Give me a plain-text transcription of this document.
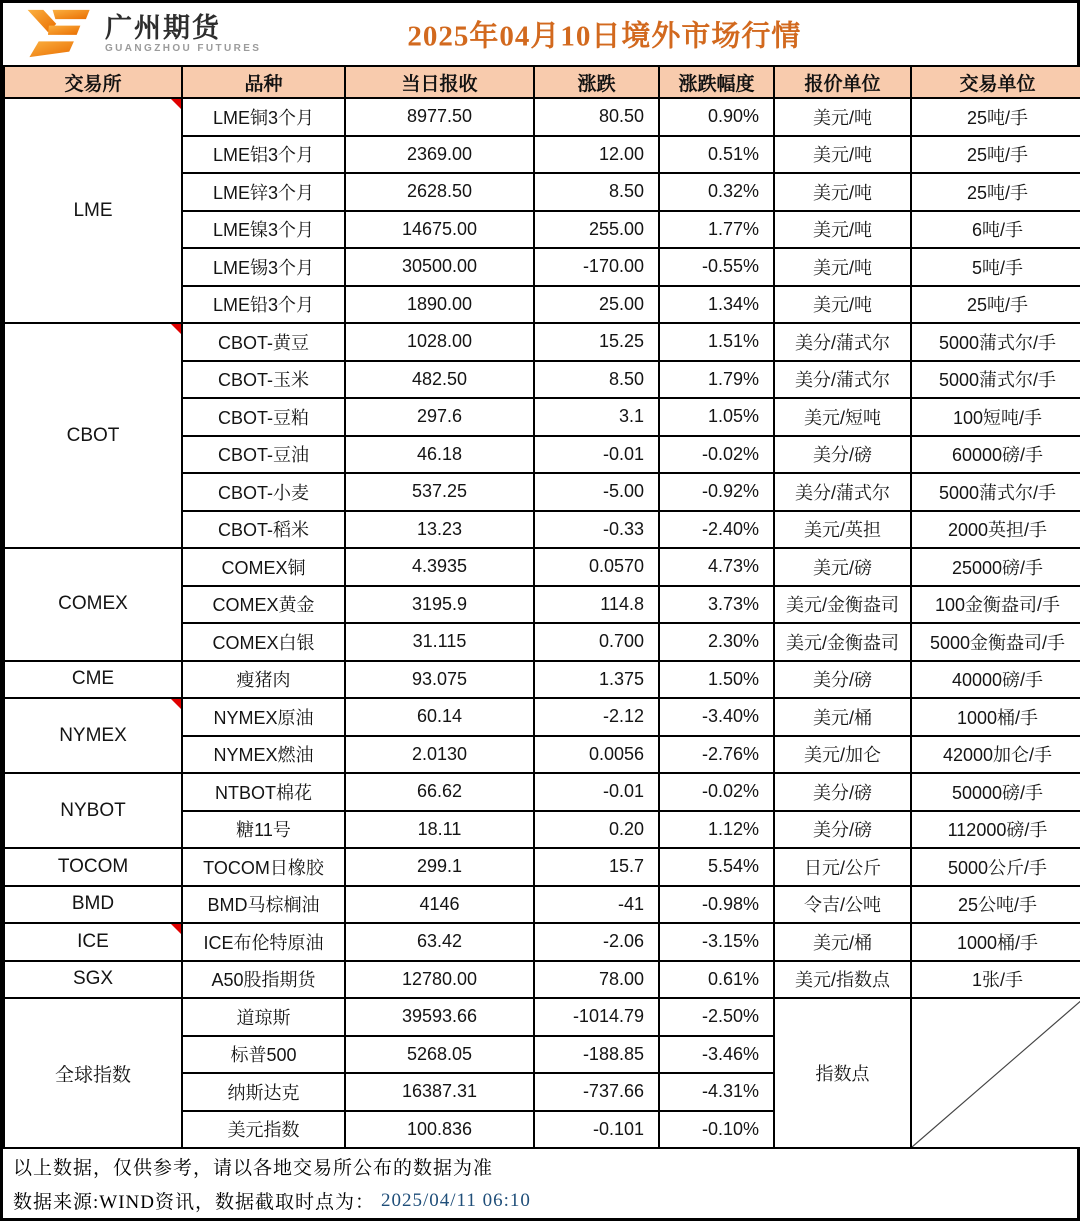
广州期货
GUANGZHOU FUTURES	2025年04月10日境外市场行情
交易所	品种	当日报收	涨跌	涨跌幅度	报价单位	交易单位
LME	LME铜3个月	8977.50	80.50	0.90%	美元/吨	25吨/手
	LME铝3个月	2369.00	12.00	0.51%	美元/吨	25吨/手
	LME锌3个月	2628.50	8.50	0.32%	美元/吨	25吨/手
	LME镍3个月	14675.00	255.00	1.77%	美元/吨	6吨/手
	LME锡3个月	30500.00	-170.00	-0.55%	美元/吨	5吨/手
	LME铅3个月	1890.00	25.00	1.34%	美元/吨	25吨/手
CBOT	CBOT-黄豆	1028.00	15.25	1.51%	美分/蒲式尔	5000蒲式尔/手
	CBOT-玉米	482.50	8.50	1.79%	美分/蒲式尔	5000蒲式尔/手
	CBOT-豆粕	297.6	3.1	1.05%	美元/短吨	100短吨/手
	CBOT-豆油	46.18	-0.01	-0.02%	美分/磅	60000磅/手
	CBOT-小麦	537.25	-5.00	-0.92%	美分/蒲式尔	5000蒲式尔/手
	CBOT-稻米	13.23	-0.33	-2.40%	美元/英担	2000英担/手
COMEX	COMEX铜	4.3935	0.0570	4.73%	美元/磅	25000磅/手
	COMEX黄金	3195.9	114.8	3.73%	美元/金衡盎司	100金衡盎司/手
	COMEX白银	31.115	0.700	2.30%	美元/金衡盎司	5000金衡盎司/手
CME	瘦猪肉	93.075	1.375	1.50%	美分/磅	40000磅/手
NYMEX	NYMEX原油	60.14	-2.12	-3.40%	美元/桶	1000桶/手
	NYMEX燃油	2.0130	0.0056	-2.76%	美元/加仑	42000加仑/手
NYBOT	NTBOT棉花	66.62	-0.01	-0.02%	美分/磅	50000磅/手
	糖11号	18.11	0.20	1.12%	美分/磅	112000磅/手
TOCOM	TOCOM日橡胶	299.1	15.7	5.54%	日元/公斤	5000公斤/手
BMD	BMD马棕榈油	4146	-41	-0.98%	令吉/公吨	25公吨/手
ICE	ICE布伦特原油	63.42	-2.06	-3.15%	美元/桶	1000桶/手
SGX	A50股指期货	12780.00	78.00	0.61%	美元/指数点	1张/手
全球指数	道琼斯	39593.66	-1014.79	-2.50%	指数点	

	标普500	5268.05	-188.85	-3.46%		
	纳斯达克	16387.31	-737.66	-4.31%		
	美元指数	100.836	-0.101	-0.10%		
以上数据，仅供参考，请以各地交易所公布的数据为准
数据来源:WIND资讯，数据截取时点为： 2025/04/11 06:10
